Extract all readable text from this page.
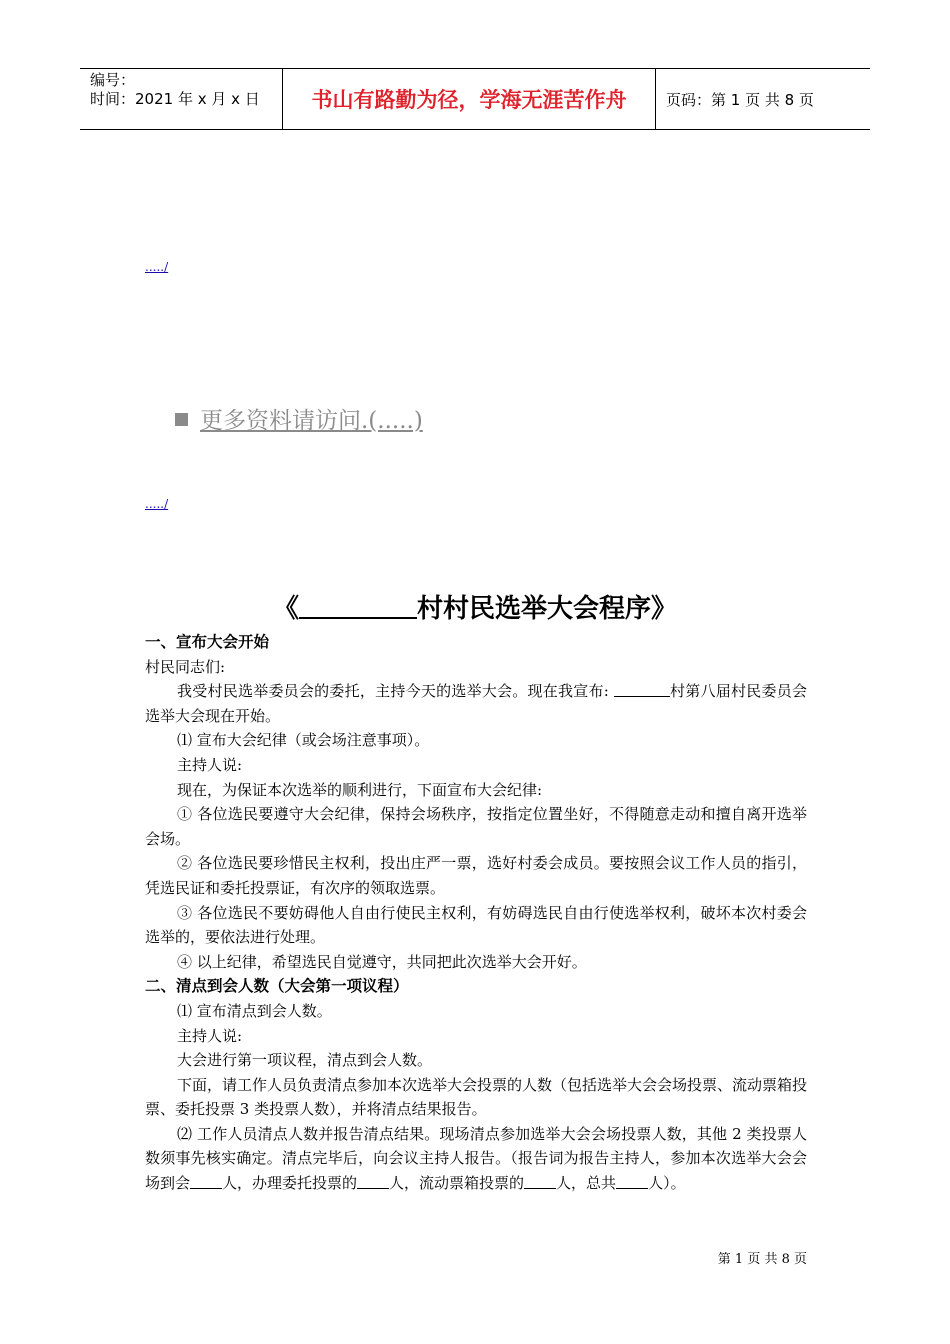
编号：
时间：2021 年 x 月 x 日	书山有路勤为径，学海无涯苦作舟	页码：第 1 页 共 8 页
...../
更多资料请访问.(.....)
...../
《	村村民选举大会程序》

一、宣布大会开始

村民同志们:

我受村民选举委员会的委托，主持今天的选举大会。现在我宣布:	村第八届村民委员会选举大会现在开始。

⑴ 宣布大会纪律（或会场注意事项）。

主持人说:

现在，为保证本次选举的顺利进行，下面宣布大会纪律:

① 各位选民要遵守大会纪律，保持会场秩序，按指定位置坐好，不得随意走动和擅自离开选举会场。

② 各位选民要珍惜民主权利，投出庄严一票，选好村委会成员。要按照会议工作人员的指引，凭选民证和委托投票证，有次序的领取选票。

③ 各位选民不要妨碍他人自由行使民主权利，有妨碍选民自由行使选举权利，破坏本次村委会选举的，要依法进行处理。

④ 以上纪律，希望选民自觉遵守，共同把此次选举大会开好。

二、清点到会人数（大会第一项议程）

⑴ 宣布清点到会人数。

主持人说:

大会进行第一项议程，清点到会人数。

下面，请工作人员负责清点参加本次选举大会投票的人数（包括选举大会会场投票、流动票箱投票、委托投票 3 类投票人数），并将清点结果报告。

⑵ 工作人员清点人数并报告清点结果。现场清点参加选举大会会场投票人数，其他 2 类投票人数须事先核实确定。清点完毕后，向会议主持人报告。（报告词为报告主持人，参加本次选举大会会场到会 人，办理委托投票的 人，流动票箱投票的 人，总共 人）。

第 1 页 共 8 页
